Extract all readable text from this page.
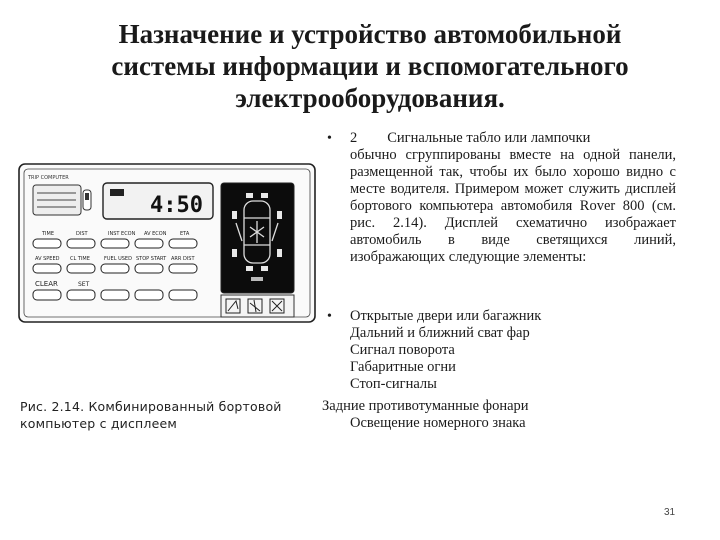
Назначение и устройство автомобильной
системы информации и вспомогательного
электрооборудования.
• 2 Сигнальные табло или лампочки
обычно сгруппированы вместе на одной панели, размещенной так, чтобы их было хорошо видно с месте водителя. Примером может служить дисплей бортового компьютера автомобиля Rover 800 (см. рис. 2.14). Дисплей схематично изображает автомобиль в виде светящихся линий, изображающих следующие элементы:
• Открытые двери или багажник
Дальний и ближний сват фар
Сигнал поворота
Габаритные огни
Стоп-сигналы
Задние противотуманные фонари
Освещение номерного знака
Рис. 2.14. Комбинированный бортовой
компьютер с дисплеем
TRIP COMPUTER
4:50
TIME	DIST	INST ECON AV ECON	ETA
AV SPEED CL TIME	FUEL USED STOP START ARR DIST
CLEAR	SET
31
